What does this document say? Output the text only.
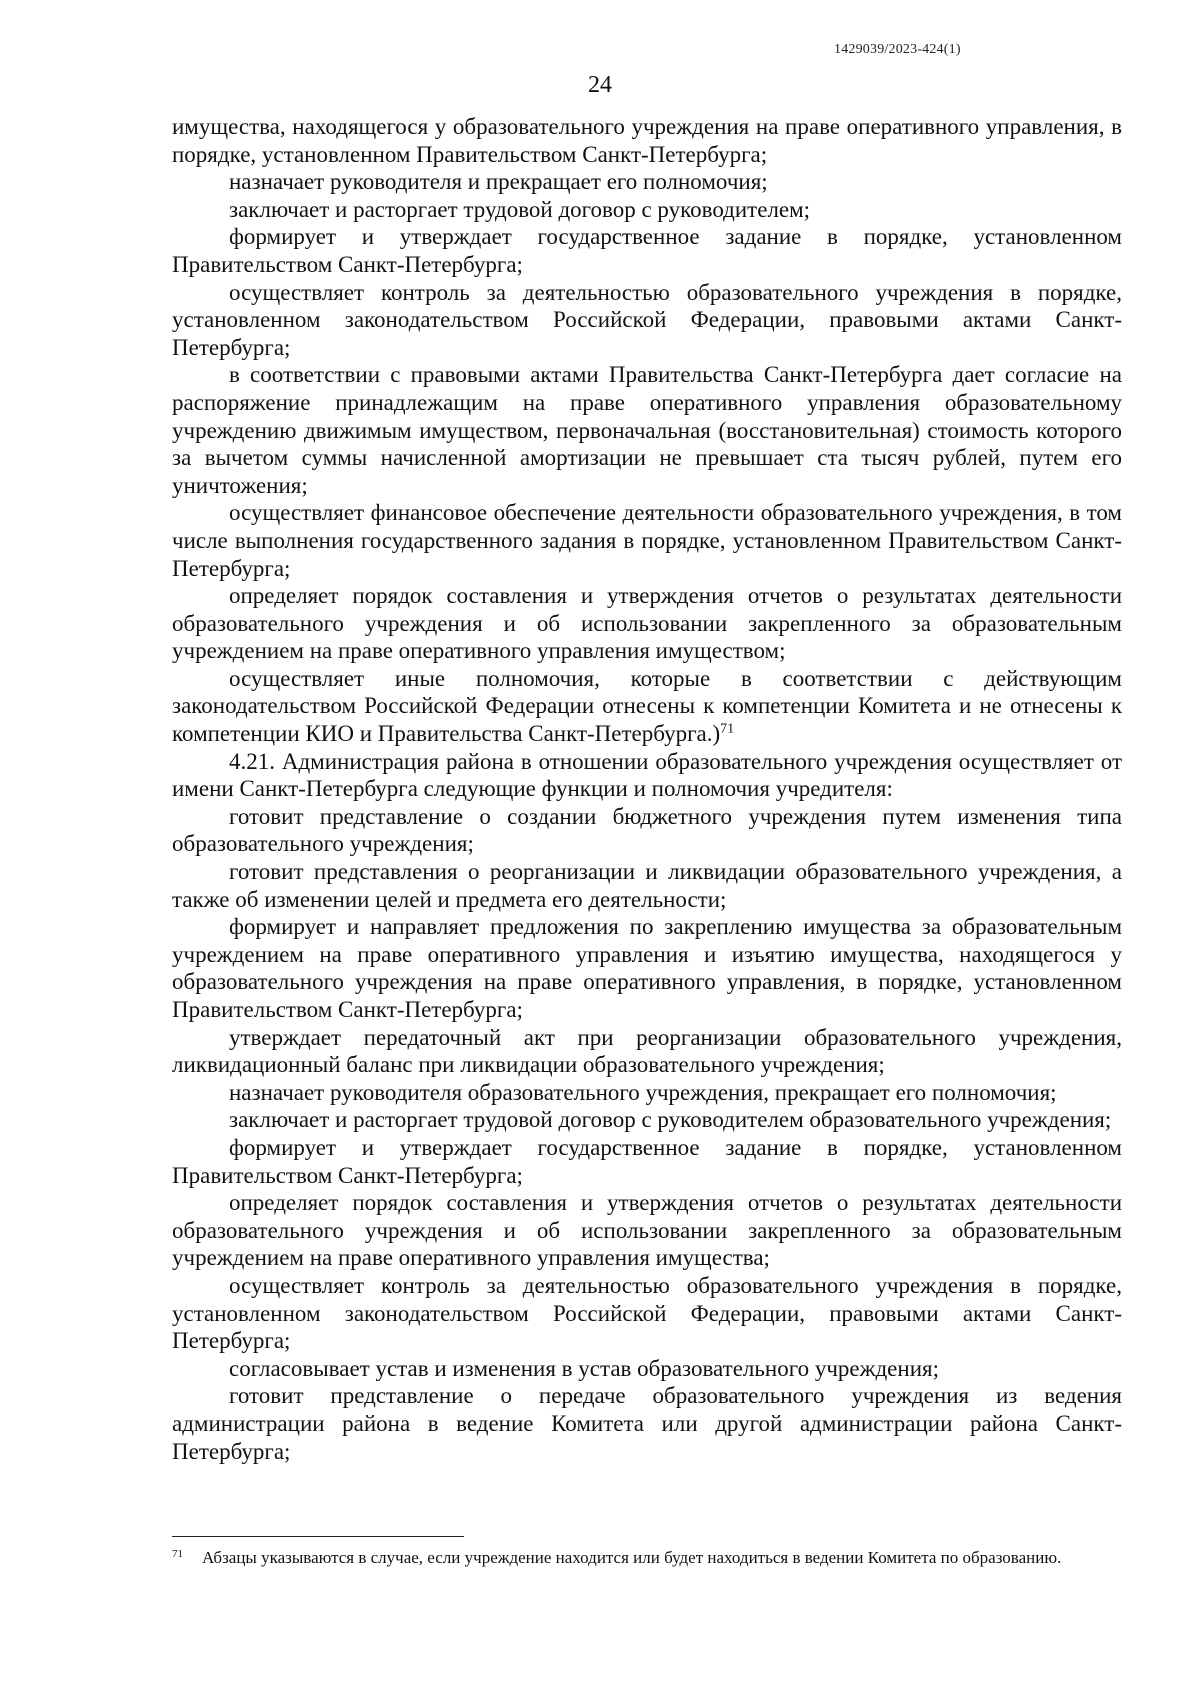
1429039/2023-424(1)
24

имущества, находящегося у образовательного учреждения на праве оперативного управления, в порядке, установленном Правительством Санкт-Петербурга;

назначает руководителя и прекращает его полномочия;

заключает и расторгает трудовой договор с руководителем;

формирует и утверждает государственное задание в порядке, установленном Правительством Санкт-Петербурга;

осуществляет контроль за деятельностью образовательного учреждения в порядке, установленном законодательством Российской Федерации, правовыми актами Санкт-Петербурга;

в соответствии с правовыми актами Правительства Санкт-Петербурга дает согласие на распоряжение принадлежащим на праве оперативного управления образовательному учреждению движимым имуществом, первоначальная (восстановительная) стоимость которого за вычетом суммы начисленной амортизации не превышает ста тысяч рублей, путем его уничтожения;

осуществляет финансовое обеспечение деятельности образовательного учреждения, в том числе выполнения государственного задания в порядке, установленном Правительством Санкт-Петербурга;

определяет порядок составления и утверждения отчетов о результатах деятельности образовательного учреждения и об использовании закрепленного за образовательным учреждением на праве оперативного управления имуществом;

осуществляет иные полномочия, которые в соответствии с действующим законодательством Российской Федерации отнесены к компетенции Комитета и не отнесены к компетенции КИО и Правительства Санкт-Петербурга.)$^{71}$

4.21. Администрация района в отношении образовательного учреждения осуществляет от имени Санкт-Петербурга следующие функции и полномочия учредителя:

готовит представление о создании бюджетного учреждения путем изменения типа образовательного учреждения;

готовит представления о реорганизации и ликвидации образовательного учреждения, а также об изменении целей и предмета его деятельности;

формирует и направляет предложения по закреплению имущества за образовательным учреждением на праве оперативного управления и изъятию имущества, находящегося у образовательного учреждения на праве оперативного управления, в порядке, установленном Правительством Санкт-Петербурга;

утверждает передаточный акт при реорганизации образовательного учреждения, ликвидационный баланс при ликвидации образовательного учреждения;

назначает руководителя образовательного учреждения, прекращает его полномочия;

заключает и расторгает трудовой договор с руководителем образовательного учреждения;

формирует и утверждает государственное задание в порядке, установленном Правительством Санкт-Петербурга;

определяет порядок составления и утверждения отчетов о результатах деятельности образовательного учреждения и об использовании закрепленного за образовательным учреждением на праве оперативного управления имущества;

осуществляет контроль за деятельностью образовательного учреждения в порядке, установленном законодательством Российской Федерации, правовыми актами Санкт-Петербурга;

согласовывает устав и изменения в устав образовательного учреждения;

готовит представление о передаче образовательного учреждения из ведения администрации района в ведение Комитета или другой администрации района Санкт-Петербурга;

71 Абзацы указываются в случае, если учреждение находится или будет находиться в ведении Комитета по образованию.
